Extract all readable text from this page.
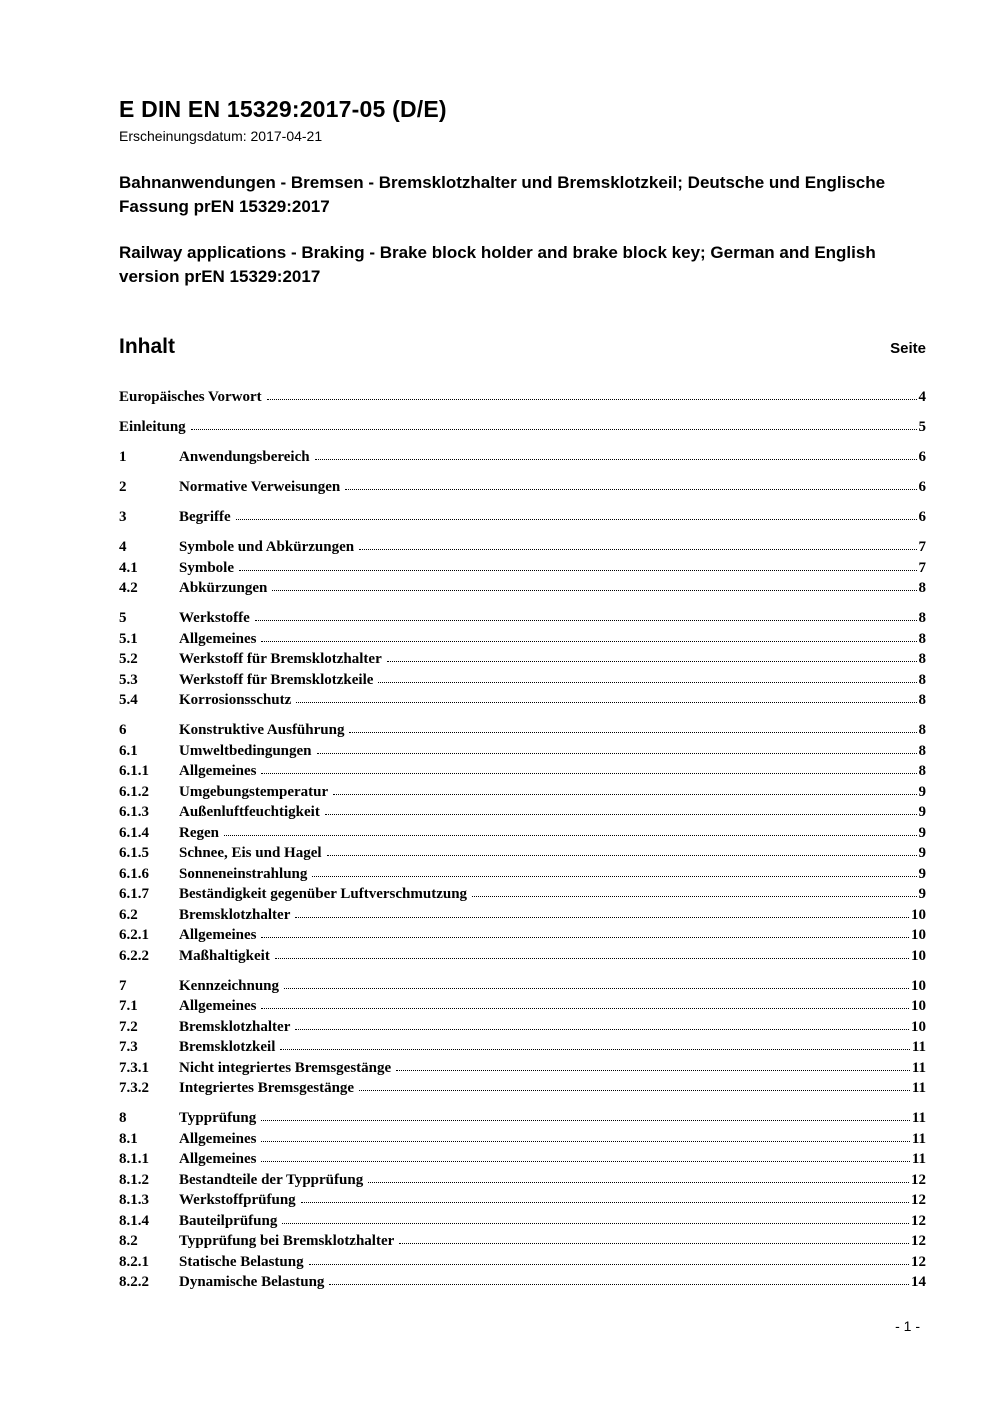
E DIN EN 15329:2017-05 (D/E)
Erscheinungsdatum: 2017-04-21
Bahnanwendungen - Bremsen - Bremsklotzhalter und Bremsklotzkeil; Deutsche und Englische Fassung prEN 15329:2017
Railway applications - Braking - Brake block holder and brake block key; German and English version prEN 15329:2017
Inhalt	Seite
Europäisches Vorwort	4
Einleitung	5
1	Anwendungsbereich	6
2	Normative Verweisungen	6
3	Begriffe	6
4	Symbole und Abkürzungen	7
4.1	Symbole	7
4.2	Abkürzungen	8
5	Werkstoffe	8
5.1	Allgemeines	8
5.2	Werkstoff für Bremsklotzhalter	8
5.3	Werkstoff für Bremsklotzkeile	8
5.4	Korrosionsschutz	8
6	Konstruktive Ausführung	8
6.1	Umweltbedingungen	8
6.1.1	Allgemeines	8
6.1.2	Umgebungstemperatur	9
6.1.3	Außenluftfeuchtigkeit	9
6.1.4	Regen	9
6.1.5	Schnee, Eis und Hagel	9
6.1.6	Sonneneinstrahlung	9
6.1.7	Beständigkeit gegenüber Luftverschmutzung	9
6.2	Bremsklotzhalter	10
6.2.1	Allgemeines	10
6.2.2	Maßhaltigkeit	10
7	Kennzeichnung	10
7.1	Allgemeines	10
7.2	Bremsklotzhalter	10
7.3	Bremsklotzkeil	11
7.3.1	Nicht integriertes Bremsgestänge	11
7.3.2	Integriertes Bremsgestänge	11
8	Typprüfung	11
8.1	Allgemeines	11
8.1.1	Allgemeines	11
8.1.2	Bestandteile der Typprüfung	12
8.1.3	Werkstoffprüfung	12
8.1.4	Bauteilprüfung	12
8.2	Typprüfung bei Bremsklotzhalter	12
8.2.1	Statische Belastung	12
8.2.2	Dynamische Belastung	14
- 1 -
